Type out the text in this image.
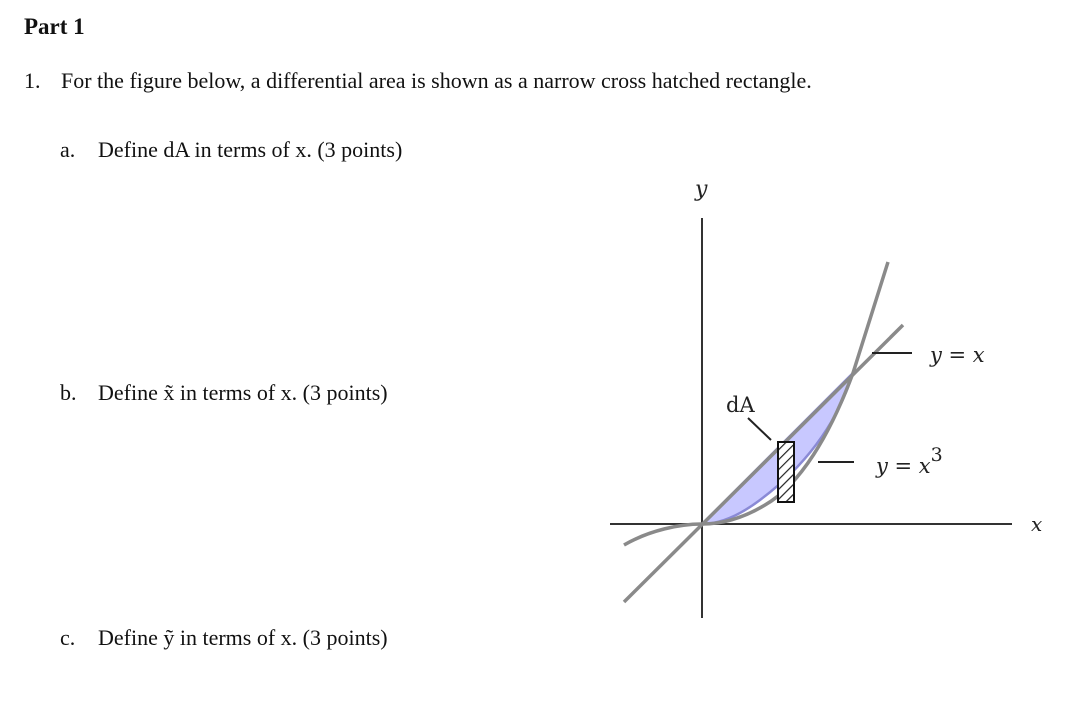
Part 1
1. For the figure below, a differential area is shown as a narrow cross hatched rectangle.
a. Define dA in terms of x. (3 points)
b. Define x̃ in terms of x. (3 points)
c. Define ỹ in terms of x. (3 points)
y
x
y = x
dA
y = x3
